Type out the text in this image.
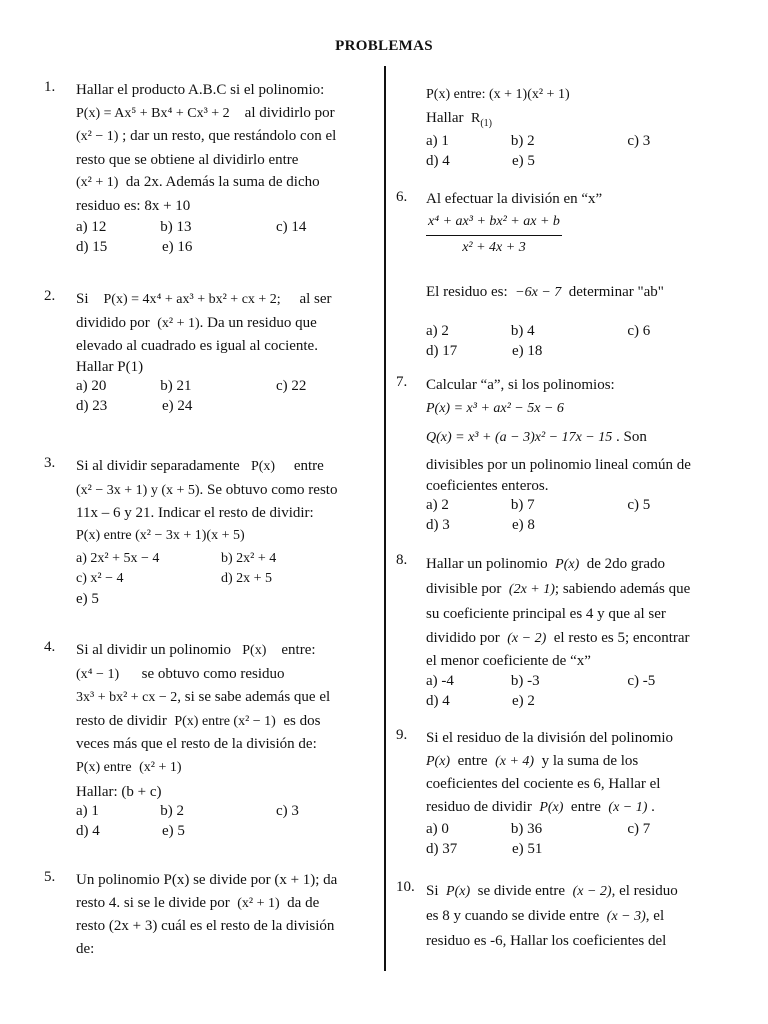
PROBLEMAS
1. Hallar el producto A.B.C si el polinomio:
P(x) = Ax⁵ + Bx⁴ + Cx³ + 2 al dividirlo por
(x² − 1) ; dar un resto, que restándolo con el
resto que se obtiene al dividirlo entre
(x² + 1) da 2x. Además la suma de dicho
residuo es: 8x + 10
a) 12	b) 13	c) 14
d) 15	e) 16
2. Si P(x) = 4x⁴ + ax³ + bx² + cx + 2; al ser
dividido por (x² + 1). Da un residuo que
elevado al cuadrado es igual al cociente.
Hallar P(1)
a) 20	b) 21	c) 22
d) 23	e) 24
3. Si al dividir separadamente P(x) entre
(x² − 3x + 1) y (x + 5). Se obtuvo como resto
11x – 6 y 21. Indicar el resto de dividir:
P(x) entre (x² − 3x + 1)(x + 5)
a) 2x² + 5x − 4	b) 2x² + 4
c) x² − 4	d) 2x + 5
e) 5
4. Si al dividir un polinomio P(x) entre:
(x⁴ − 1) se obtuvo como residuo
3x³ + bx² + cx − 2, si se sabe además que el
resto de dividir P(x) entre (x² − 1) es dos
veces más que el resto de la división de:
P(x) entre (x² + 1)
Hallar: (b + c)
a) 1	b) 2	c) 3
d) 4	e) 5
5. Un polinomio P(x) se divide por (x + 1); da
resto 4. si se le divide por (x² + 1) da de
resto (2x + 3) cuál es el resto de la división
de:
P(x) entre: (x + 1)(x² + 1)
Hallar $R_{(1)}$
a) 1	b) 2	c) 3
d) 4	e) 5
6. Al efectuar la división en “x”
$\frac{\text{x⁴ + ax³ + bx² + ax + b}}{\text{x² + 4x + 3}}$
El residuo es: −6x − 7 determinar "ab"
a) 2	b) 4	c) 6
d) 17	e) 18
7. Calcular “a”, si los polinomios:
P(x) = x³ + ax² − 5x − 6
Q(x) = x³ + (a − 3)x² − 17x − 15 . Son
divisibles por un polinomio lineal común de
coeficientes enteros.
a) 2	b) 7	c) 5
d) 3	e) 8
8. Hallar un polinomio P(x) de 2do grado
divisible por (2x + 1); sabiendo además que
su coeficiente principal es 4 y que al ser
dividido por (x − 2) el resto es 5; encontrar
el menor coeficiente de “x”
a) -4	b) -3	c) -5
d) 4	e) 2
9. Si el residuo de la división del polinomio
P(x) entre (x + 4) y la suma de los
coeficientes del cociente es 6, Hallar el
residuo de dividir P(x) entre (x − 1) .
a) 0	b) 36	c) 7
d) 37	e) 51
10. Si P(x) se divide entre (x − 2), el residuo
es 8 y cuando se divide entre (x − 3), el
residuo es -6, Hallar los coeficientes del
